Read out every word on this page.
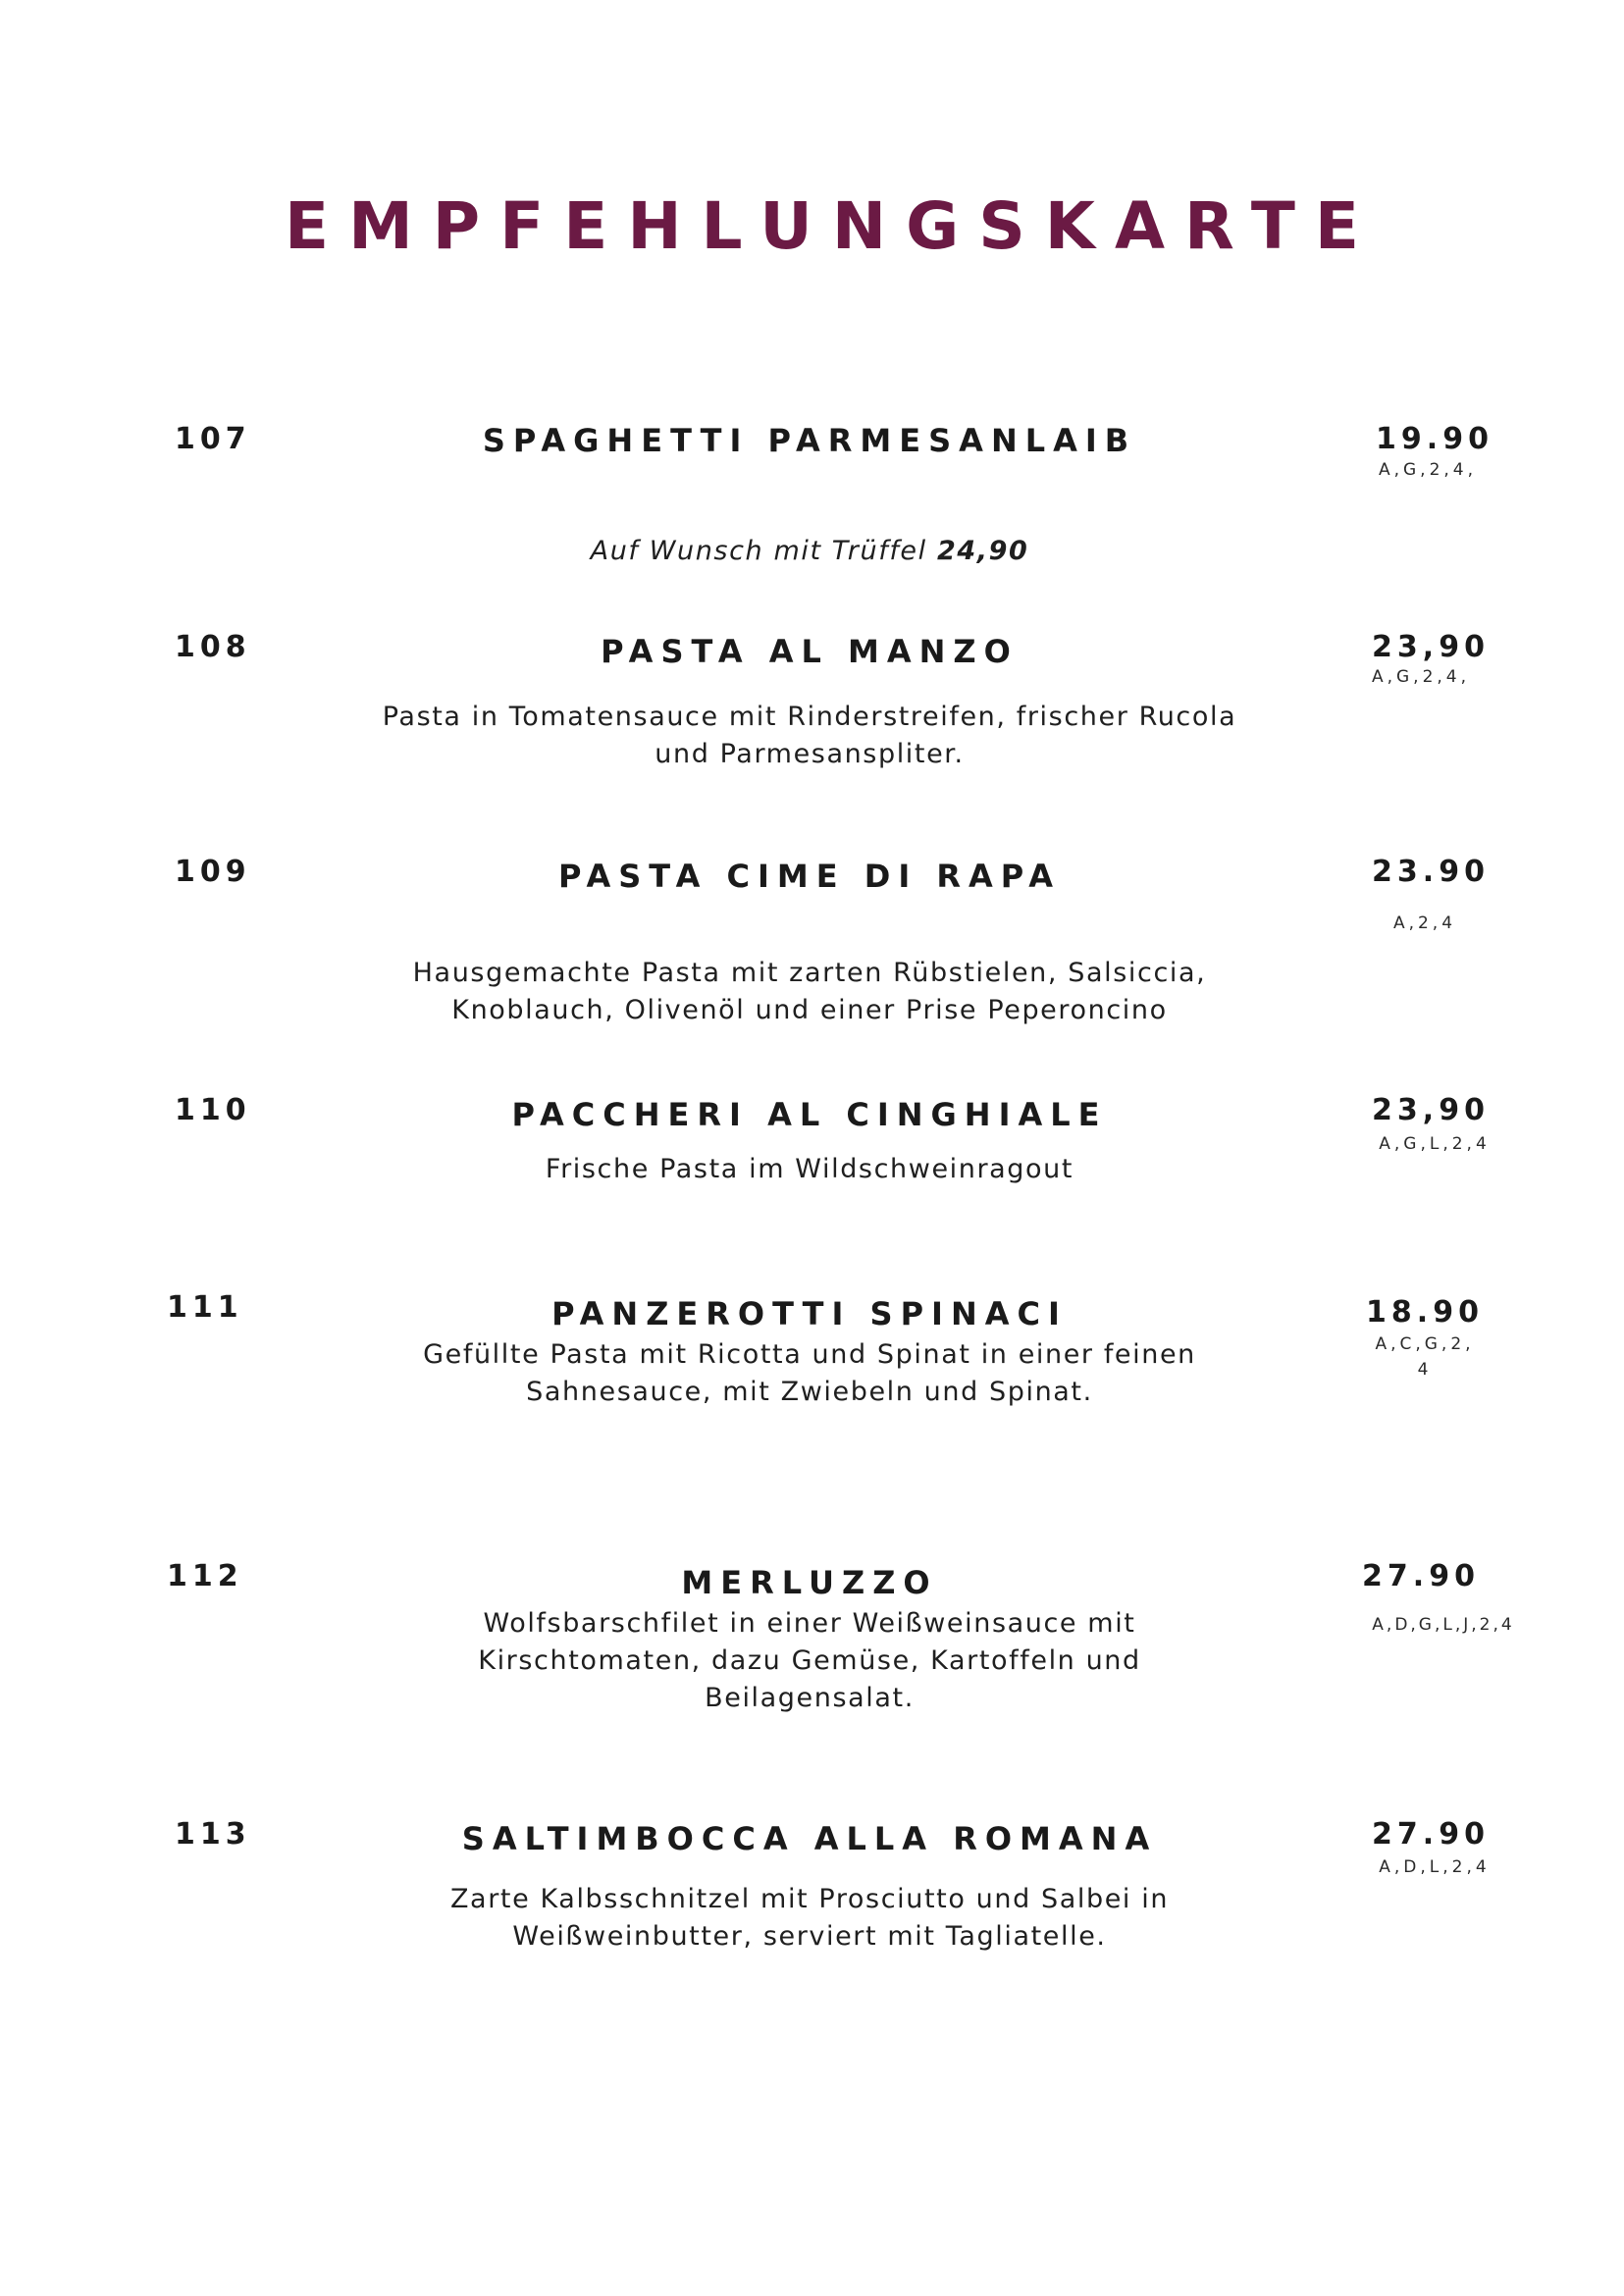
EMPFEHLUNGSKARTE
107	SPAGHETTI PARMESANLAIB	19.90
A,G,2,4,

Auf Wunsch mit Trüffel 24,90

108	PASTA AL MANZO	23,90
A,G,2,4,
Pasta in Tomatensauce mit Rinderstreifen, frischer Rucola
und Parmesanspliter.
109	PASTA CIME DI RAPA	23.90
A,2,4
Hausgemachte Pasta mit zarten Rübstielen, Salsiccia,
Knoblauch, Olivenöl und einer Prise Peperoncino
110	PACCHERI AL CINGHIALE	23,90
A,G,L,2,4
Frische Pasta im Wildschweinragout
111	PANZEROTTI SPINACI	18.90
A,C,G,2,
4
Gefüllte Pasta mit Ricotta und Spinat in einer feinen
Sahnesauce, mit Zwiebeln und Spinat.
112	MERLUZZO	27.90
A,D,G,L,J,2,4
Wolfsbarschfilet in einer Weißweinsauce mit
Kirschtomaten, dazu Gemüse, Kartoffeln und
Beilagensalat.
113	SALTIMBOCCA ALLA ROMANA	27.90
A,D,L,2,4
Zarte Kalbsschnitzel mit Prosciutto und Salbei in
Weißweinbutter, serviert mit Tagliatelle.
